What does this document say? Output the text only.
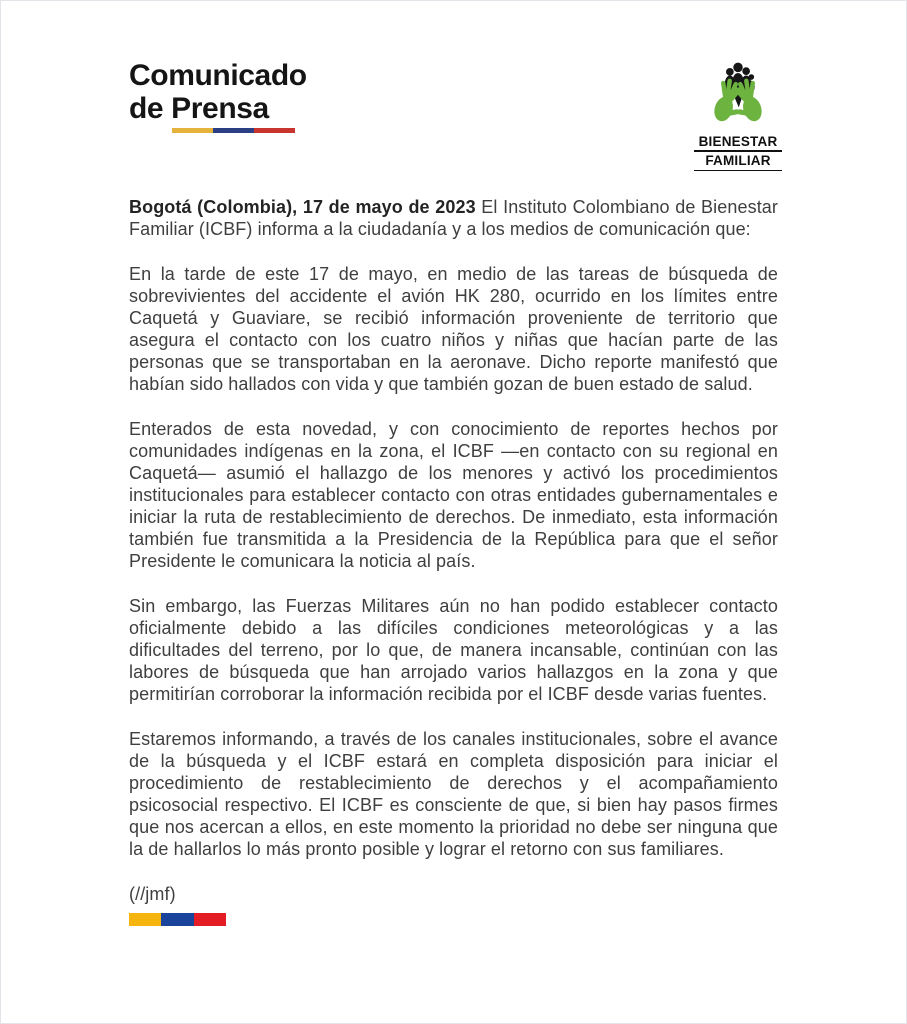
Comunicado
de Prensa
BIENESTAR
FAMILIAR

Bogotá (Colombia), 17 de mayo de 2023 El Instituto Colombiano de Bienestar Familiar (ICBF) informa a la ciudadanía y a los medios de comunicación que:

En la tarde de este 17 de mayo, en medio de las tareas de búsqueda de sobrevivientes del accidente el avión HK 280, ocurrido en los límites entre Caquetá y Guaviare, se recibió información proveniente de territorio que asegura el contacto con los cuatro niños y niñas que hacían parte de las personas que se transportaban en la aeronave. Dicho reporte manifestó que habían sido hallados con vida y que también gozan de buen estado de salud.

Enterados de esta novedad, y con conocimiento de reportes hechos por comunidades indígenas en la zona, el ICBF —en contacto con su regional en Caquetá— asumió el hallazgo de los menores y activó los procedimientos institucionales para establecer contacto con otras entidades gubernamentales e iniciar la ruta de restablecimiento de derechos. De inmediato, esta información también fue transmitida a la Presidencia de la República para que el señor Presidente le comunicara la noticia al país.

Sin embargo, las Fuerzas Militares aún no han podido establecer contacto oficialmente debido a las difíciles condiciones meteorológicas y a las dificultades del terreno, por lo que, de manera incansable, continúan con las labores de búsqueda que han arrojado varios hallazgos en la zona y que permitirían corroborar la información recibida por el ICBF desde varias fuentes.

Estaremos informando, a través de los canales institucionales, sobre el avance de la búsqueda y el ICBF estará en completa disposición para iniciar el procedimiento de restablecimiento de derechos y el acompañamiento psicosocial respectivo. El ICBF es consciente de que, si bien hay pasos firmes que nos acercan a ellos, en este momento la prioridad no debe ser ninguna que la de hallarlos lo más pronto posible y lograr el retorno con sus familiares.

(//jmf)
